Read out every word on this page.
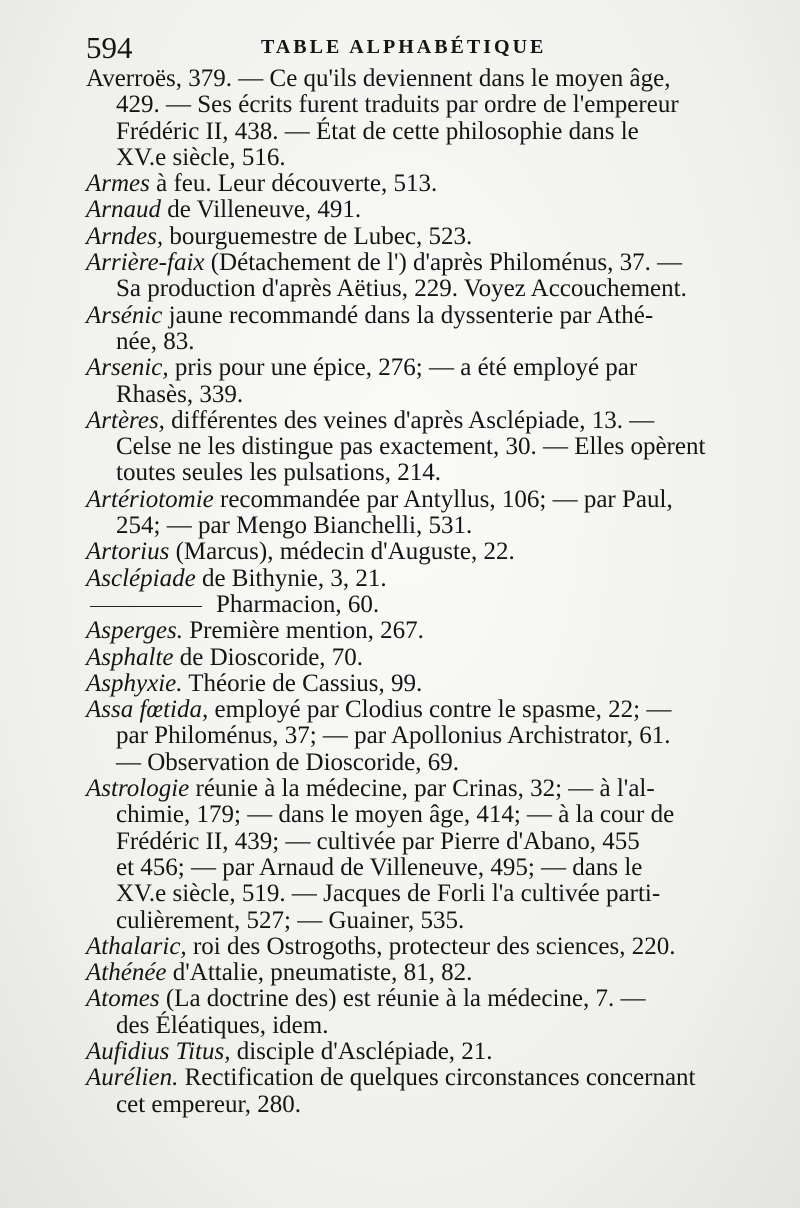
594	TABLE ALPHABÉTIQUE
Averroës, 379. — Ce qu'ils deviennent dans le moyen âge,
429. — Ses écrits furent traduits par ordre de l'empereur
Frédéric II, 438. — État de cette philosophie dans le
XV.e siècle, 516.
Armes à feu. Leur découverte, 513.
Arnaud de Villeneuve, 491.
Arndes, bourguemestre de Lubec, 523.
Arrière-faix (Détachement de l') d'après Philoménus, 37. —
Sa production d'après Aëtius, 229. Voyez Accouchement.
Arsénic jaune recommandé dans la dyssenterie par Athé-
née, 83.
Arsenic, pris pour une épice, 276; — a été employé par
Rhasès, 339.
Artères, différentes des veines d'après Asclépiade, 13. —
Celse ne les distingue pas exactement, 30. — Elles opèrent
toutes seules les pulsations, 214.
Artériotomie recommandée par Antyllus, 106; — par Paul,
254; — par Mengo Bianchelli, 531.
Artorius (Marcus), médecin d'Auguste, 22.
Asclépiade de Bithynie, 3, 21.
Pharmacion, 60.
Asperges. Première mention, 267.
Asphalte de Dioscoride, 70.
Asphyxie. Théorie de Cassius, 99.
Assa fœtida, employé par Clodius contre le spasme, 22; —
par Philoménus, 37; — par Apollonius Archistrator, 61.
— Observation de Dioscoride, 69.
Astrologie réunie à la médecine, par Crinas, 32; — à l'al-
chimie, 179; — dans le moyen âge, 414; — à la cour de
Frédéric II, 439; — cultivée par Pierre d'Abano, 455
et 456; — par Arnaud de Villeneuve, 495; — dans le
XV.e siècle, 519. — Jacques de Forli l'a cultivée parti-
culièrement, 527; — Guainer, 535.
Athalaric, roi des Ostrogoths, protecteur des sciences, 220.
Athénée d'Attalie, pneumatiste, 81, 82.
Atomes (La doctrine des) est réunie à la médecine, 7. —
des Éléatiques, idem.
Aufidius Titus, disciple d'Asclépiade, 21.
Aurélien. Rectification de quelques circonstances concernant
cet empereur, 280.
